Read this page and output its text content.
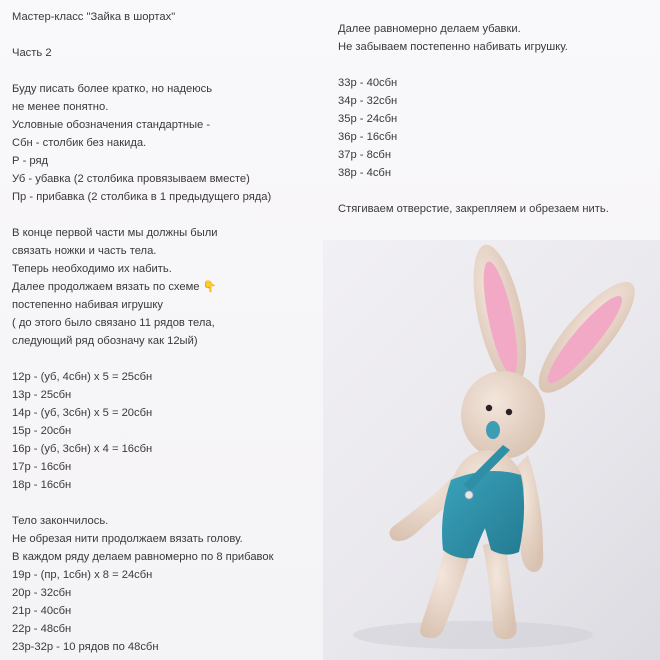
Мастер-класс "Зайка в шортах"
Часть 2
Буду писать более кратко, но надеюсь
не менее понятно.
Условные обозначения стандартные -
Сбн - столбик без накида.
Р - ряд
Уб - убавка (2 столбика провязываем вместе)
Пр - прибавка (2 столбика в 1 предыдущего ряда)
В конце первой части мы должны были
связать ножки и часть тела.
Теперь необходимо их набить.
Далее продолжаем вязать по схеме 👇
постепенно набивая игрушку
( до этого было связано 11 рядов тела,
следующий ряд обозначу как 12ый)
12р - (уб, 4сбн) х 5 = 25сбн
13р - 25сбн
14р - (уб, 3сбн) х 5 = 20сбн
15р - 20сбн
16р - (уб, 3сбн) х 4 = 16сбн
17р - 16сбн
18р - 16сбн
Тело закончилось.
Не обрезая нити продолжаем вязать голову.
В каждом ряду делаем равномерно по 8 прибавок
19р - (пр, 1сбн) х 8 = 24сбн
20р - 32сбн
21р - 40сбн
22р - 48сбн
23р-32р - 10 рядов по 48сбн
Далее равномерно делаем убавки.
Не забываем постепенно набивать игрушку.
33р - 40сбн
34р - 32сбн
35р - 24сбн
36р - 16сбн
37р - 8сбн
38р - 4сбн
Стягиваем отверстие, закрепляем и обрезаем нить.
